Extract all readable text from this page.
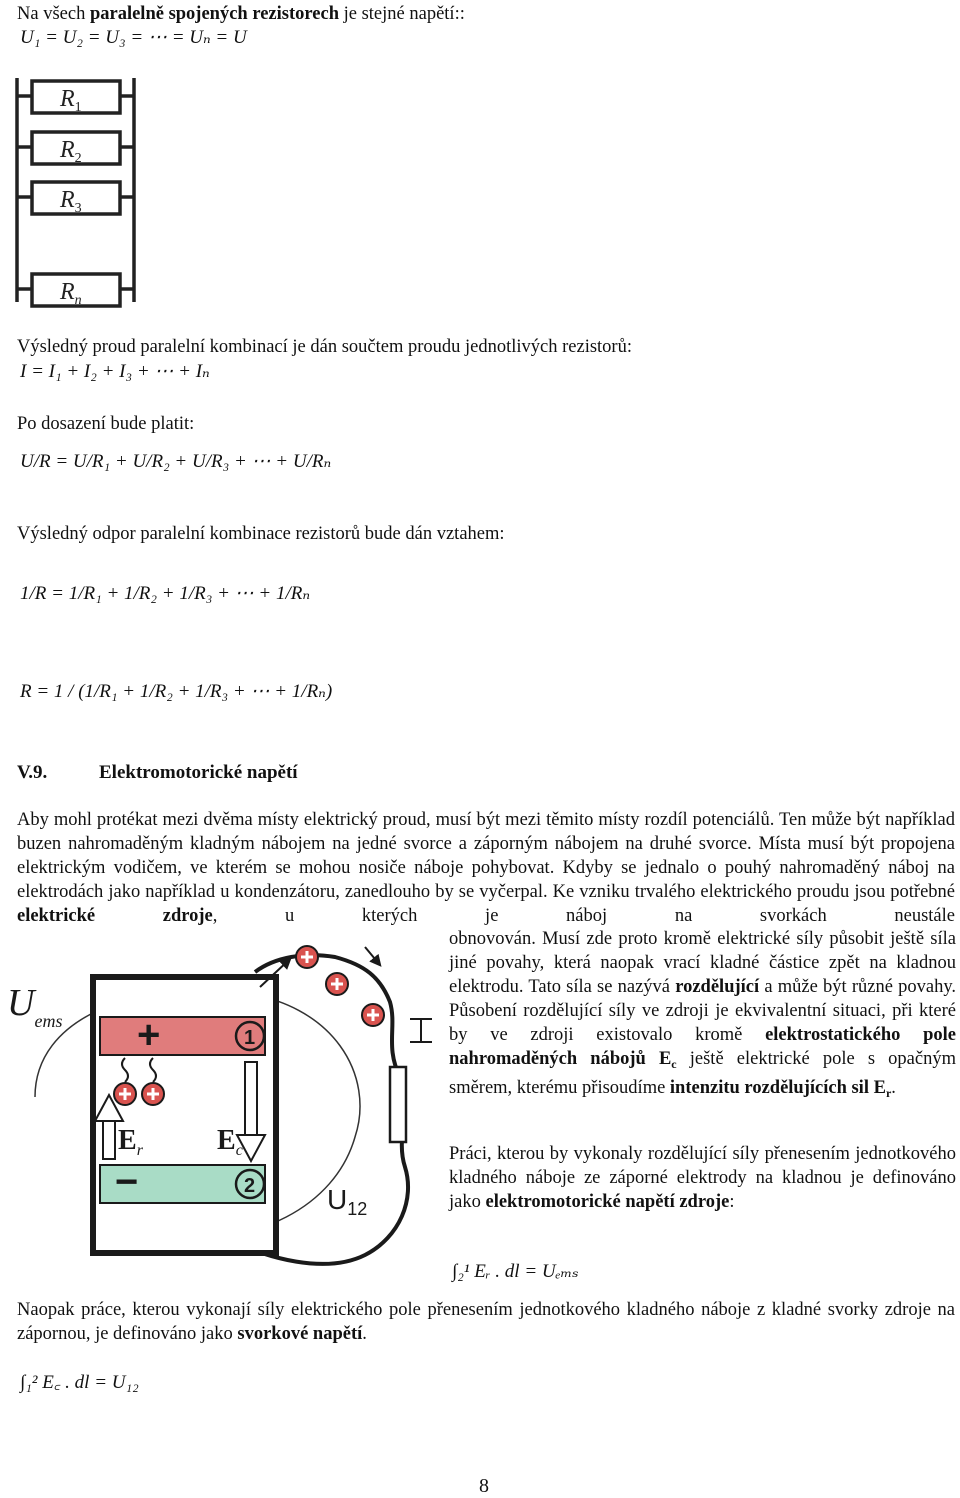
Na všech paralelně spojených rezistorech je stejné napětí::
U₁ = U₂ = U₃ = ⋯ = Uₙ = U
$R_1$
$R_2$
$R_3$
$R_n$
Výsledný proud paralelní kombinací je dán součtem proudu jednotlivých rezistorů:
I = I₁ + I₂ + I₃ + ⋯ + Iₙ
Po dosazení bude platit:
U/R = U/R₁ + U/R₂ + U/R₃ + ⋯ + U/Rₙ
Výsledný odpor paralelní kombinace rezistorů bude dán vztahem:
1/R = 1/R₁ + 1/R₂ + 1/R₃ + ⋯ + 1/Rₙ
R = 1 / (1/R₁ + 1/R₂ + 1/R₃ + ⋯ + 1/Rₙ)
V.9.	Elektromotorické napětí
Aby mohl protékat mezi dvěma místy elektrický proud, musí být mezi těmito místy rozdíl potenciálů. Ten může být například buzen nahromaděným kladným nábojem na jedné svorce a záporným nábojem na druhé svorce. Místa musí být propojena elektrickým vodičem, ve kterém se mohou nosiče náboje pohybovat. Kdyby se jednalo o pouhý nahromaděný náboj na elektrodách jako například u kondenzátoru, zanedlouho by se vyčerpal. Ke vzniku trvalého elektrického proudu jsou potřebné elektrické zdroje, u kterých je náboj na svorkách neustále
obnovován. Musí zde proto kromě elektrické síly působit ještě síla jiné povahy, která naopak vrací kladné částice zpět na kladnou elektrodu. Tato síla se nazývá rozdělující a může být různé povahy. Působení rozdělující síly ve zdroji je ekvivalentní situaci, při které by ve zdroji existovalo kromě elektrostatického pole nahromaděných nábojů $E_c$ ještě elektrické pole s opačným směrem, kterému přisoudíme intenzitu rozdělujících sil $E_r$.
Práci, kterou by vykonaly rozdělující síly přenesením jednotkového kladného náboje ze záporné elektrody na kladnou je definováno jako elektromotorické napětí zdroje:
∫₂¹ Eᵣ . dl = Uₑₘₛ
Naopak práce, kterou vykonají síly elektrického pole přenesením jednotkového kladného náboje z kladné svorky zdroje na zápornou, je definováno jako svorkové napětí.
∫₁² E꜀ . dl = U₁₂
+	1
−	2
$E_r$	$E_c$
$U_{ems}$
$U_{12}$
8
